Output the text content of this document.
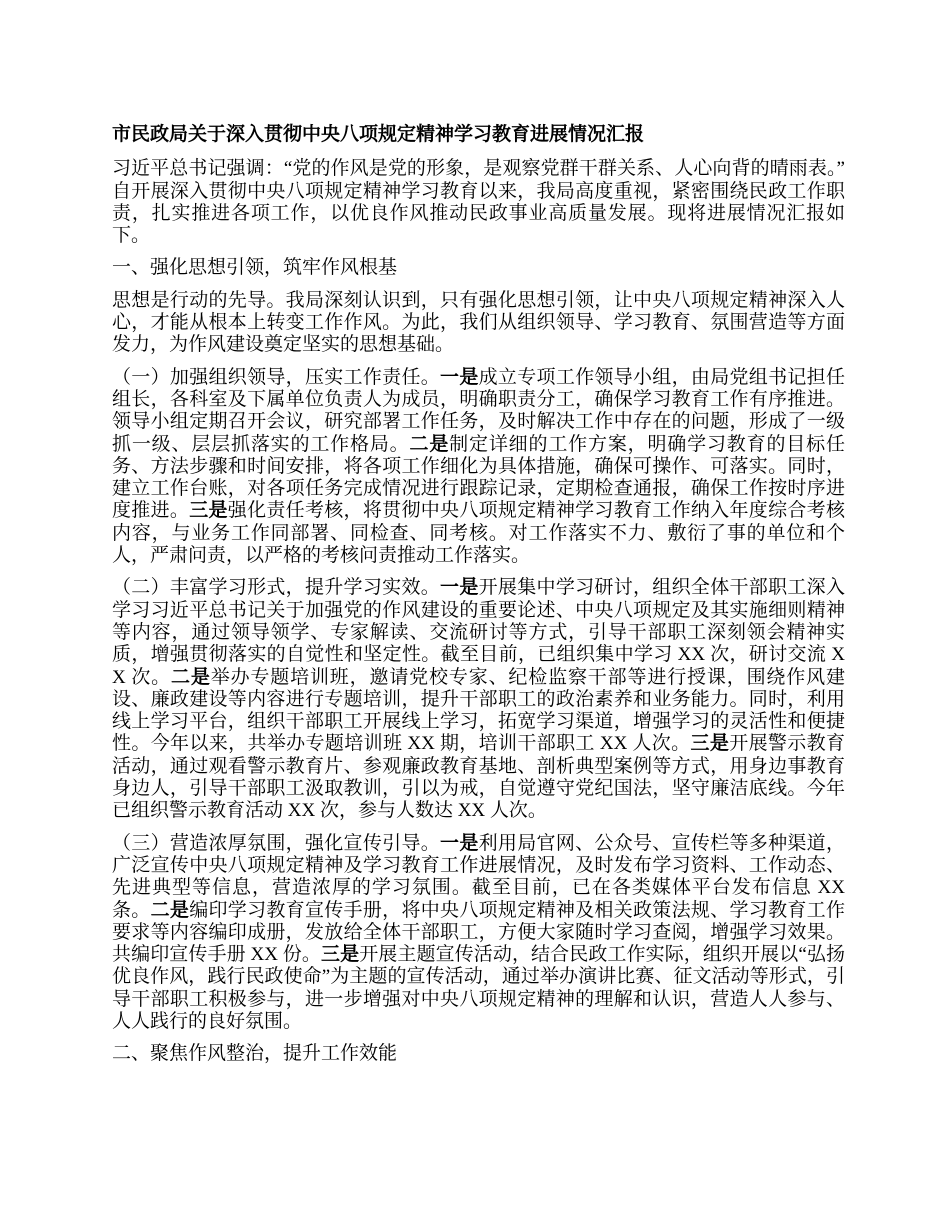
市民政局关于深入贯彻中央八项规定精神学习教育进展情况汇报
习近平总书记强调：“党的作风是党的形象，是观察党群干群关系、人心向背的晴雨表。”自开展深入贯彻中央八项规定精神学习教育以来，我局高度重视，紧密围绕民政工作职责，扎实推进各项工作，以优良作风推动民政事业高质量发展。现将进展情况汇报如下。
一、强化思想引领，筑牢作风根基
思想是行动的先导。我局深刻认识到，只有强化思想引领，让中央八项规定精神深入人心，才能从根本上转变工作作风。为此，我们从组织领导、学习教育、氛围营造等方面发力，为作风建设奠定坚实的思想基础。
（一）加强组织领导，压实工作责任。一是成立专项工作领导小组，由局党组书记担任组长，各科室及下属单位负责人为成员，明确职责分工，确保学习教育工作有序推进。领导小组定期召开会议，研究部署工作任务，及时解决工作中存在的问题，形成了一级抓一级、层层抓落实的工作格局。二是制定详细的工作方案，明确学习教育的目标任务、方法步骤和时间安排，将各项工作细化为具体措施，确保可操作、可落实。同时，建立工作台账，对各项任务完成情况进行跟踪记录，定期检查通报，确保工作按时序进度推进。三是强化责任考核，将贯彻中央八项规定精神学习教育工作纳入年度综合考核内容，与业务工作同部署、同检查、同考核。对工作落实不力、敷衍了事的单位和个人，严肃问责，以严格的考核问责推动工作落实。
（二）丰富学习形式，提升学习实效。一是开展集中学习研讨，组织全体干部职工深入学习习近平总书记关于加强党的作风建设的重要论述、中央八项规定及其实施细则精神等内容，通过领导领学、专家解读、交流研讨等方式，引导干部职工深刻领会精神实质，增强贯彻落实的自觉性和坚定性。截至目前，已组织集中学习 XX 次，研讨交流 XX 次。二是举办专题培训班，邀请党校专家、纪检监察干部等进行授课，围绕作风建设、廉政建设等内容进行专题培训，提升干部职工的政治素养和业务能力。同时，利用线上学习平台，组织干部职工开展线上学习，拓宽学习渠道，增强学习的灵活性和便捷性。今年以来，共举办专题培训班 XX 期，培训干部职工 XX 人次。三是开展警示教育活动，通过观看警示教育片、参观廉政教育基地、剖析典型案例等方式，用身边事教育身边人，引导干部职工汲取教训，引以为戒，自觉遵守党纪国法，坚守廉洁底线。今年已组织警示教育活动 XX 次，参与人数达 XX 人次。
（三）营造浓厚氛围，强化宣传引导。一是利用局官网、公众号、宣传栏等多种渠道，广泛宣传中央八项规定精神及学习教育工作进展情况，及时发布学习资料、工作动态、先进典型等信息，营造浓厚的学习氛围。截至目前，已在各类媒体平台发布信息 XX 条。二是编印学习教育宣传手册，将中央八项规定精神及相关政策法规、学习教育工作要求等内容编印成册，发放给全体干部职工，方便大家随时学习查阅，增强学习效果。共编印宣传手册 XX 份。三是开展主题宣传活动，结合民政工作实际，组织开展以“弘扬优良作风，践行民政使命”为主题的宣传活动，通过举办演讲比赛、征文活动等形式，引导干部职工积极参与，进一步增强对中央八项规定精神的理解和认识，营造人人参与、人人践行的良好氛围。
二、聚焦作风整治，提升工作效能
